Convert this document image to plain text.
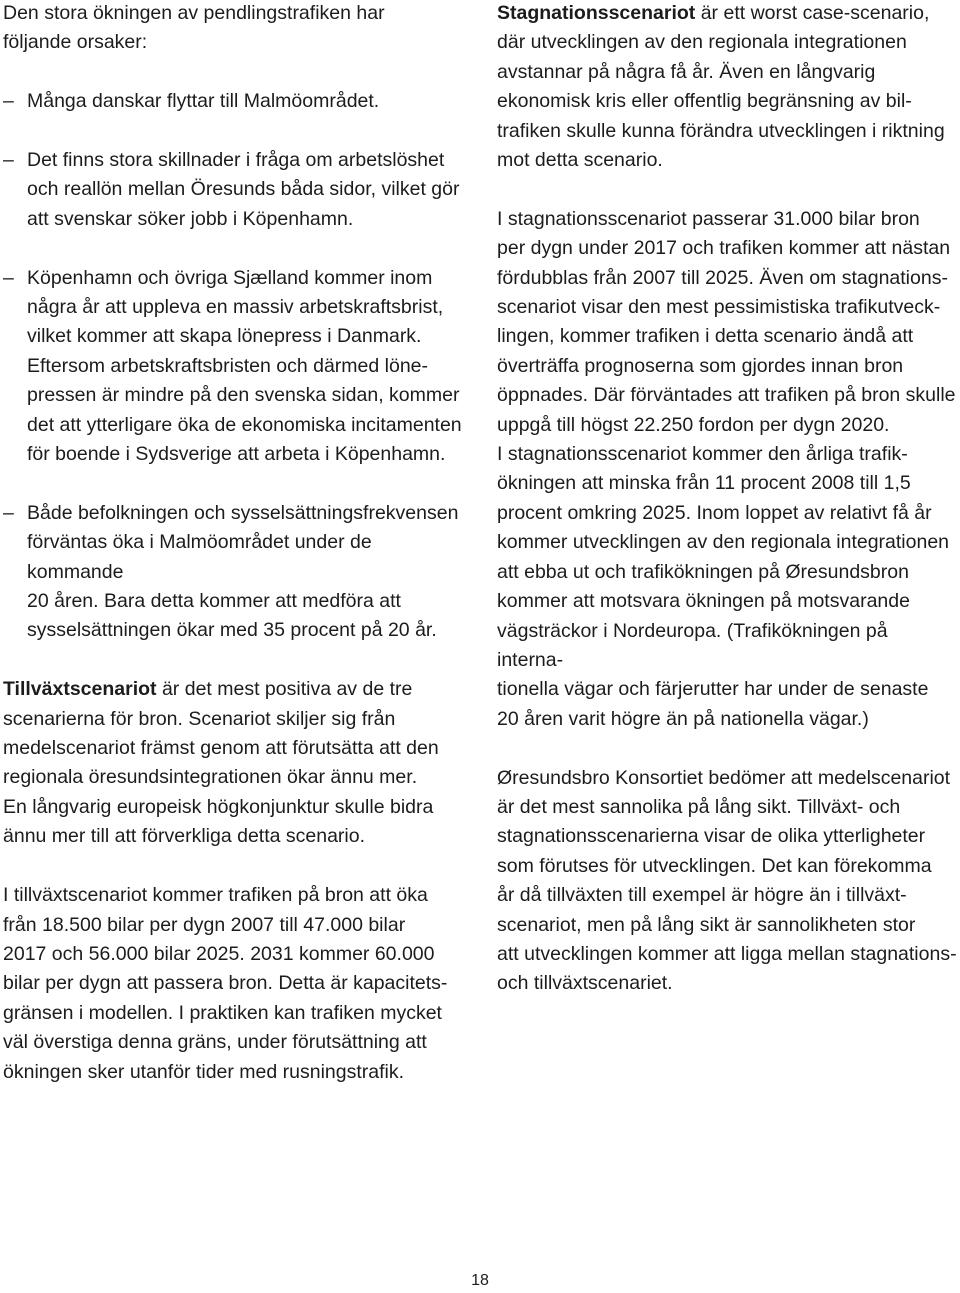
Den stora ökningen av pendlingstrafiken har
följande orsaker:

– Många danskar flyttar till Malmöområdet.

– Det finns stora skillnader i fråga om arbetslöshet
och reallön mellan Öresunds båda sidor, vilket gör
att svenskar söker jobb i Köpenhamn.

– Köpenhamn och övriga Sjælland kommer inom
några år att uppleva en massiv arbetskraftsbrist,
vilket kommer att skapa lönepress i Danmark.
Eftersom arbetskraftsbristen och därmed löne-
pressen är mindre på den svenska sidan, kommer
det att ytterligare öka de ekonomiska incitamenten
för boende i Sydsverige att arbeta i Köpenhamn.

– Både befolkningen och sysselsättningsfrekvensen
förväntas öka i Malmöområdet under de kommande
20 åren. Bara detta kommer att medföra att
sysselsättningen ökar med 35 procent på 20 år.

Tillväxtscenariot är det mest positiva av de tre
scenarierna för bron. Scenariot skiljer sig från
medelscenariot främst genom att förutsätta att den
regionala öresundsintegrationen ökar ännu mer.
En långvarig europeisk högkonjunktur skulle bidra
ännu mer till att förverkliga detta scenario.

I tillväxtscenariot kommer trafiken på bron att öka
från 18.500 bilar per dygn 2007 till 47.000 bilar
2017 och 56.000 bilar 2025. 2031 kommer 60.000
bilar per dygn att passera bron. Detta är kapacitets-
gränsen i modellen. I praktiken kan trafiken mycket
väl överstiga denna gräns, under förutsättning att
ökningen sker utanför tider med rusningstrafik.

Stagnationsscenariot är ett worst case-scenario,
där utvecklingen av den regionala integrationen
avstannar på några få år. Även en långvarig
ekonomisk kris eller offentlig begränsning av bil-
trafiken skulle kunna förändra utvecklingen i riktning
mot detta scenario.

I stagnationsscenariot passerar 31.000 bilar bron
per dygn under 2017 och trafiken kommer att nästan
fördubblas från 2007 till 2025. Även om stagnations-
scenariot visar den mest pessimistiska trafikutveck-
lingen, kommer trafiken i detta scenario ändå att
överträffa prognoserna som gjordes innan bron
öppnades. Där förväntades att trafiken på bron skulle
uppgå till högst 22.250 fordon per dygn 2020.
I stagnationsscenariot kommer den årliga trafik-
ökningen att minska från 11 procent 2008 till 1,5
procent omkring 2025. Inom loppet av relativt få år
kommer utvecklingen av den regionala integrationen
att ebba ut och trafikökningen på Øresundsbron
kommer att motsvara ökningen på motsvarande
vägsträckor i Nordeuropa. (Trafikökningen på interna-
tionella vägar och färjerutter har under de senaste
20 åren varit högre än på nationella vägar.)

Øresundsbro Konsortiet bedömer att medelscenariot
är det mest sannolika på lång sikt. Tillväxt- och
stagnationsscenarierna visar de olika ytterligheter
som förutses för utvecklingen. Det kan förekomma
år då tillväxten till exempel är högre än i tillväxt-
scenariot, men på lång sikt är sannolikheten stor
att utvecklingen kommer att ligga mellan stagnations-
och tillväxtscenariet.

18
